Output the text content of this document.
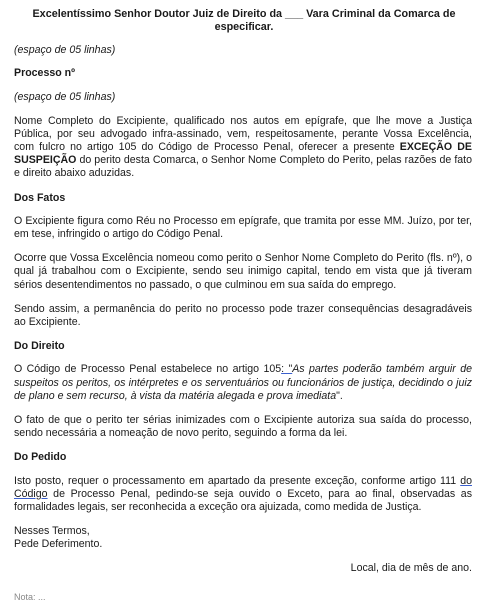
Excelentíssimo Senhor Doutor Juiz de Direito da ___ Vara Criminal da Comarca de especificar.
(espaço de 05 linhas)
Processo nº
(espaço de 05 linhas)
Nome Completo do Excipiente, qualificado nos autos em epígrafe, que lhe move a Justiça Pública, por seu advogado infra-assinado, vem, respeitosamente, perante Vossa Excelência, com fulcro no artigo 105 do Código de Processo Penal, oferecer a presente EXCEÇÃO DE SUSPEIÇÃO do perito desta Comarca, o Senhor Nome Completo do Perito, pelas razões de fato e direito abaixo aduzidas.
Dos Fatos
O Excipiente figura como Réu no Processo em epígrafe, que tramita por esse MM. Juízo, por ter, em tese, infringido o artigo do Código Penal.
Ocorre que Vossa Excelência nomeou como perito o Senhor Nome Completo do Perito (fls. nº), o qual já trabalhou com o Excipiente, sendo seu inimigo capital, tendo em vista que já tiveram sérios desentendimentos no passado, o que culminou em sua saída do emprego.
Sendo assim, a permanência do perito no processo pode trazer consequências desagradáveis ao Excipiente.
Do Direito
O Código de Processo Penal estabelece no artigo 105: "As partes poderão também arguir de suspeitos os peritos, os intérpretes e os serventuários ou funcionários de justiça, decidindo o juiz de plano e sem recurso, à vista da matéria alegada e prova imediata".
O fato de que o perito ter sérias inimizades com o Excipiente autoriza sua saída do processo, sendo necessária a nomeação de novo perito, seguindo a forma da lei.
Do Pedido
Isto posto, requer o processamento em apartado da presente exceção, conforme artigo 111 do Código de Processo Penal, pedindo-se seja ouvido o Exceto, para ao final, observadas as formalidades legais, ser reconhecida a exceção ora ajuizada, como medida de Justiça.
Nesses Termos,
Pede Deferimento.
Local, dia de mês de ano.
Nota: ...
